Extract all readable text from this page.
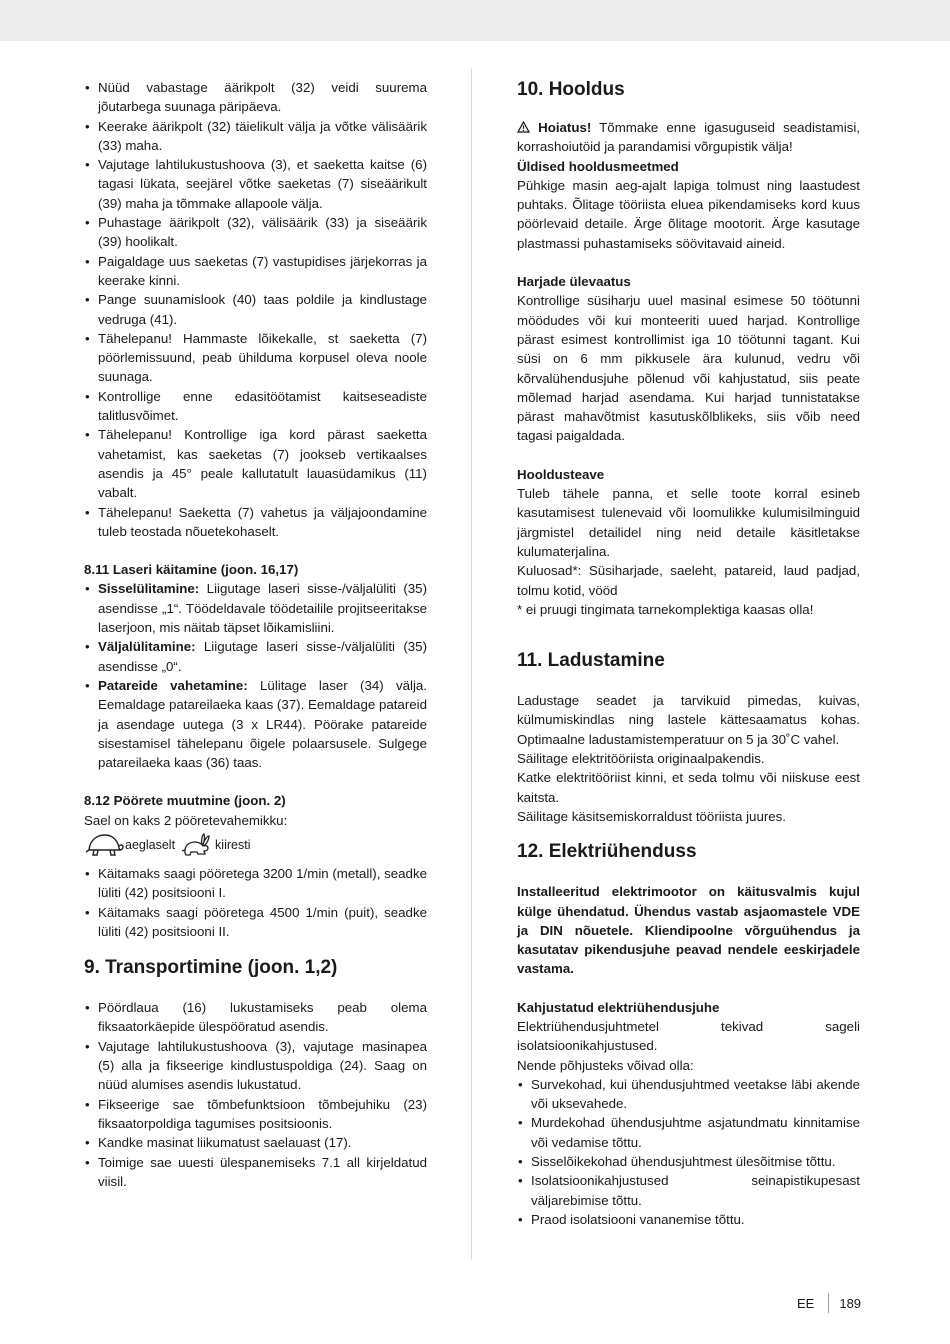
• Nüüd vabastage äärikpolt (32) veidi suurema jõutarbega suunaga päripäeva.
• Keerake äärikpolt (32) täielikult välja ja võtke välisäärik (33) maha.
• Vajutage lahtilukustushoova (3), et saeketta kaitse (6) tagasi lükata, seejärel võtke saeketas (7) siseäärikult (39) maha ja tõmmake allapoole välja.
• Puhastage äärikpolt (32), välisäärik (33) ja siseäärik (39) hoolikalt.
• Paigaldage uus saeketas (7) vastupidises järjekorras ja keerake kinni.
• Pange suunamislook (40) taas poldile ja kindlustage vedruga (41).
• Tähelepanu! Hammaste lõikekalle, st saeketta (7) pöörlemissuund, peab ühilduma korpusel oleva noole suunaga.
• Kontrollige enne edasitöötamist kaitseseadiste talitlusvõimet.
• Tähelepanu! Kontrollige iga kord pärast saeketta vahetamist, kas saeketas (7) jookseb vertikaalses asendis ja 45° peale kallutatult lauasüdamikus (11) vabalt.
• Tähelepanu! Saeketta (7) vahetus ja väljajoondamine tuleb teostada nõuetekohaselt.

8.11 Laseri käitamine (joon. 16,17)

• Sisselülitamine: Liigutage laseri sisse-/väljalüliti (35) asendisse „1“. Töödeldavale töödetailile projitseeritakse laserjoon, mis näitab täpset lõikamisliini.
• Väljalülitamine: Liigutage laseri sisse-/väljalüliti (35) asendisse „0“.
• Patareide vahetamine: Lülitage laser (34) välja. Eemaldage patareilaeka kaas (37). Eemaldage patareid ja asendage uutega (3 x LR44). Pöörake patareide sisestamisel tähelepanu õigele polaarsusele. Sulgege patareilaeka kaas (36) taas.

8.12 Pöörete muutmine (joon. 2)

Sael on kaks 2 pööretevahemikku:

aeglaselt	kiiresti
• Käitamaks saagi pööretega 3200 1/min (metall), seadke lüliti (42) positsiooni I.
• Käitamaks saagi pööretega 4500 1/min (puit), seadke lüliti (42) positsiooni II.

9. Transportimine (joon. 1,2)

• Pöördlaua (16) lukustamiseks peab olema fiksaatorkäepide ülespööratud asendis.
• Vajutage lahtilukustushoova (3), vajutage masinapea (5) alla ja fikseerige kindlustuspoldiga (24). Saag on nüüd alumises asendis lukustatud.
• Fikseerige sae tõmbefunktsioon tõmbejuhiku (23) fiksaatorpoldiga tagumises positsioonis.
• Kandke masinat liikumatust saelauast (17).
• Toimige sae uuesti ülespanemiseks 7.1 all kirjeldatud viisil.

10. Hooldus

Hoiatus! Tõmmake enne igasuguseid seadistamisi, korrashoiutöid ja parandamisi võrgupistik välja!

Üldised hooldusmeetmed

Pühkige masin aeg-ajalt lapiga tolmust ning laastudest puhtaks. Õlitage tööriista eluea pikendamiseks kord kuus pöörlevaid detaile. Ärge õlitage mootorit. Ärge kasutage plastmassi puhastamiseks söövitavaid aineid.

Harjade ülevaatus

Kontrollige süsiharju uuel masinal esimese 50 töötunni möödudes või kui monteeriti uued harjad. Kontrollige pärast esimest kontrollimist iga 10 töötunni tagant. Kui süsi on 6 mm pikkusele ära kulunud, vedru või kõrvalühendusjuhe põlenud või kahjustatud, siis peate mõlemad harjad asendama. Kui harjad tunnistatakse pärast mahavõtmist kasutuskõlblikeks, siis võib need tagasi paigaldada.

Hooldusteave

Tuleb tähele panna, et selle toote korral esineb kasutamisest tulenevaid või loomulikke kulumisilminguid järgmistel detailidel ning neid detaile käsitletakse kulumaterjalina.

Kuluosad*: Süsiharjade, saeleht, patareid, laud padjad, tolmu kotid, vööd

* ei pruugi tingimata tarnekomplektiga kaasas olla!

11. Ladustamine

Ladustage seadet ja tarvikuid pimedas, kuivas, külmumiskindlas ning lastele kättesaamatus kohas. Optimaalne ladustamistemperatuur on 5 ja 30˚C vahel.

Säilitage elektritööriista originaalpakendis.

Katke elektritööriist kinni, et seda tolmu või niiskuse eest kaitsta.

Säilitage käsitsemiskorraldust tööriista juures.

12. Elektriühenduss

Installeeritud elektrimootor on käitusvalmis kujul külge ühendatud. Ühendus vastab asjaomastele VDE ja DIN nõuetele. Kliendipoolne võrguühendus ja kasutatav pikendusjuhe peavad nendele eeskirjadele vastama.

Kahjustatud elektriühendusjuhe

Elektriühendusjuhtmetel tekivad sageli isolatsioonikahjustused.

Nende põhjusteks võivad olla:

• Survekohad, kui ühendusjuhtmed veetakse läbi akende või uksevahede.
• Murdekohad ühendusjuhtme asjatundmatu kinnitamise või vedamise tõttu.
• Sisselõikekohad ühendusjuhtmest ülesõitmise tõttu.
• Isolatsioonikahjustused seinapistikupesast väljarebimise tõttu.
• Praod isolatsiooni vananemise tõttu.
EE 189
